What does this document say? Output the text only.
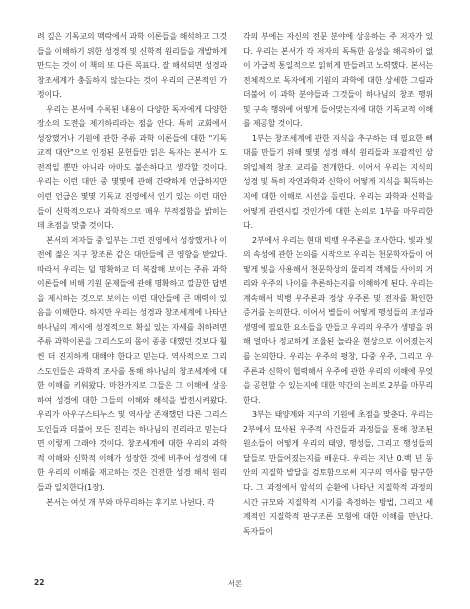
려 깊은 기독교의 맥락에서 과학 이론들을 해석하고 그것들을 이해하기 위한 성경적 및 신학적 원리들을 개발하게 만드는 것이 이 책의 또 다른 목표다. 잘 해석되면 성경과 창조세계가 충돌하지 않는다는 것이 우리의 근본적인 가정이다.

우리는 본서에 수록된 내용이 다양한 독자에게 다양한 장소의 도전을 제기하리라는 점을 안다. 특히 교회에서 성장했거나 기원에 관한 주류 과학 이론들에 대한 "기독교적 대안"으로 인정된 문헌들만 읽은 독자는 본서가 도전적일 뿐만 아니라 아마도 불손하다고 생각할 것이다. 우리는 이런 대안 중 몇몇에 관해 간략하게 언급하지만 이런 언급은 몇몇 기독교 진영에서 인기 있는 이런 대안들이 신학적으로나 과학적으로 매우 부적절함을 밝히는 데 초점을 맞출 것이다.

본서의 저자들 중 일부는 그런 진영에서 성장했거나 이전에 젊은 지구 창조론 같은 대안들에 큰 영향을 받았다. 따라서 우리는 덜 명확하고 더 복잡해 보이는 주류 과학 이론들에 비해 기원 문제들에 관해 명확하고 깔끔한 답변을 제시하는 것으로 보이는 이런 대안들에 큰 매력이 있음을 이해한다. 하지만 우리는 성경과 창조세계에 나타난 하나님의 계시에 성경적으로 확실 있는 자세를 취하려면 주류 과학이론을 그리스도의 몸이 종종 대했던 것보다 훨씬 더 진지하게 대해야 한다고 믿는다. 역사적으로 그리스도인들은 과학적 조사를 통해 하나님의 창조세계에 대한 이해를 키워왔다. 마찬가지로 그들은 그 이해에 상응하여 성경에 대한 그들의 이해와 해석을 발전시켜왔다. 우리가 아우구스티누스 및 역사상 존재했던 다른 그리스도인들과 더불어 모든 진리는 하나님의 진리라고 믿는다면 이렇게 그래야 것이다. 창조세계에 대한 우리의 과학적 이해와 신학적 이해가 성장한 것에 비추어 성경에 대한 우리의 이해를 재고하는 것은 건전한 성경 해석 원리들과 일치한다(1장).

본서는 여섯 개 부와 마무리하는 후기로 나뉜다. 각

각의 부에는 자신의 전문 분야에 상응하는 주 저자가 있다. 우리는 본서가 각 저자의 독특한 음성을 해곡하이 없이 가급적 통일적으로 읽히게 만들려고 노력했다. 본서는 전체적으로 독자에게 기원의 과학에 대한 상세한 그림과 더불어 이 과학 분야들과 그것들이 하나님의 창조 행위 및 구속 행위에 어떻게 들어맞는지에 대한 기독교적 이해를 제공할 것이다.

1부는 창조세계에 관한 지식을 추구하는 데 필요한 뼈대를 만들기 위해 몇몇 성경 해석 원리들과 포괄적인 삼위일체적 창조 교리를 전개한다. 이어서 우리는 지식의 성경 및 특히 자연과학과 신학이 어떻게 지식을 획득하는지에 대한 이해로 시선을 돌린다. 우리는 과학과 신학을 어떻게 관련시킬 것인가에 대한 논의로 1부를 마무리한다.

2부에서 우리는 현대 빅뱅 우주론을 조사한다. 빛과 빛의 속성에 관한 논의를 시작으로 우리는 천문학자들이 어떻게 빛을 사용해서 천문학상의 물리적 객체들 사이의 거리와 우주의 나이를 추론하는지를 이해하게 된다. 우리는 계속해서 빅뱅 우주론과 정상 우주론 및 전자를 확인한 증거를 논의한다. 이어서 별들이 어떻게 행성들의 조성과 생명에 필요한 요소들을 만들고 우리의 우주가 생명을 위해 얼마나 정교하게 조율된 놀라운 현상으로 이어졌는지를 논의한다. 우리는 우주의 평창, 다중 우주, 그리고 우주론과 신학이 협력해서 우주에 관한 우리의 이해에 무엇을 공헌할 수 있는지에 대한 약간의 논의로 2부를 마무리한다.

3부는 태양계와 지구의 기원에 초점을 맞춘다. 우리는 2부에서 묘사된 우주적 사건들과 과정들을 통해 창조된 원소들이 어떻게 우리의 태양, 행성들, 그리고 행성들의 달들로 만들어졌는지를 배운다. 우리는 지난 0.백 년 동안의 지질학 발달을 검토함으로써 지구의 역사를 탐구한다. 그 과정에서 암석의 순환에 나타난 지질학적 과정의 시간 규모와 지질학적 시기를 측정하는 방법, 그리고 세계적인 지질학적 판구조론 모형에 대한 이해를 만난다. 독자들이

22	서론
